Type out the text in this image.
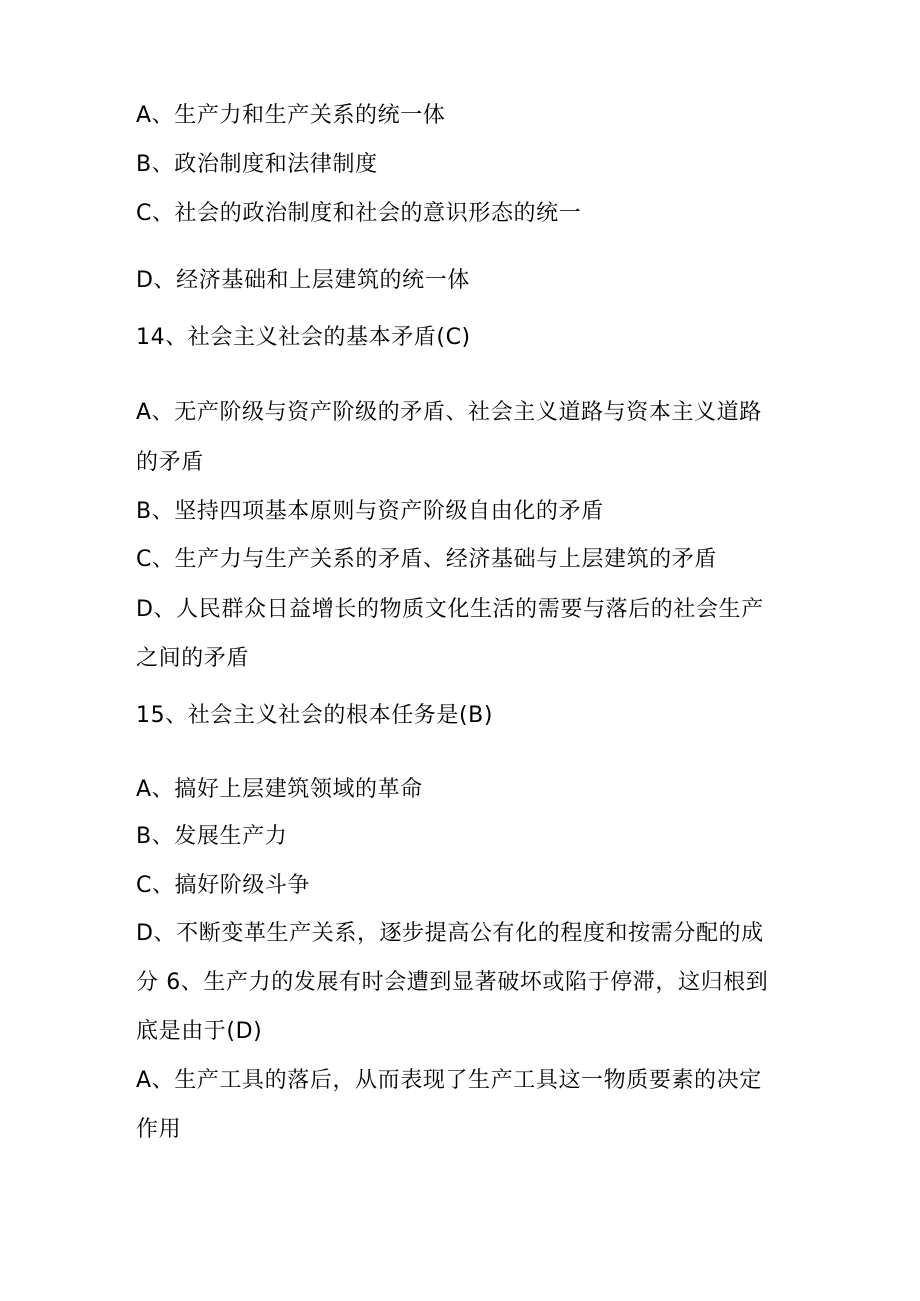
A、生产力和生产关系的统一体
B、政治制度和法律制度
C、社会的政治制度和社会的意识形态的统一
D、经济基础和上层建筑的统一体
14、社会主义社会的基本矛盾(C)
A、无产阶级与资产阶级的矛盾、社会主义道路与资本主义道路
的矛盾
B、坚持四项基本原则与资产阶级自由化的矛盾
C、生产力与生产关系的矛盾、经济基础与上层建筑的矛盾
D、人民群众日益增长的物质文化生活的需要与落后的社会生产
之间的矛盾
15、社会主义社会的根本任务是(B)
A、搞好上层建筑领域的革命
B、发展生产力
C、搞好阶级斗争
D、不断变革生产关系，逐步提高公有化的程度和按需分配的成
分 6、生产力的发展有时会遭到显著破坏或陷于停滞，这归根到
底是由于(D)
A、生产工具的落后，从而表现了生产工具这一物质要素的决定
作用
